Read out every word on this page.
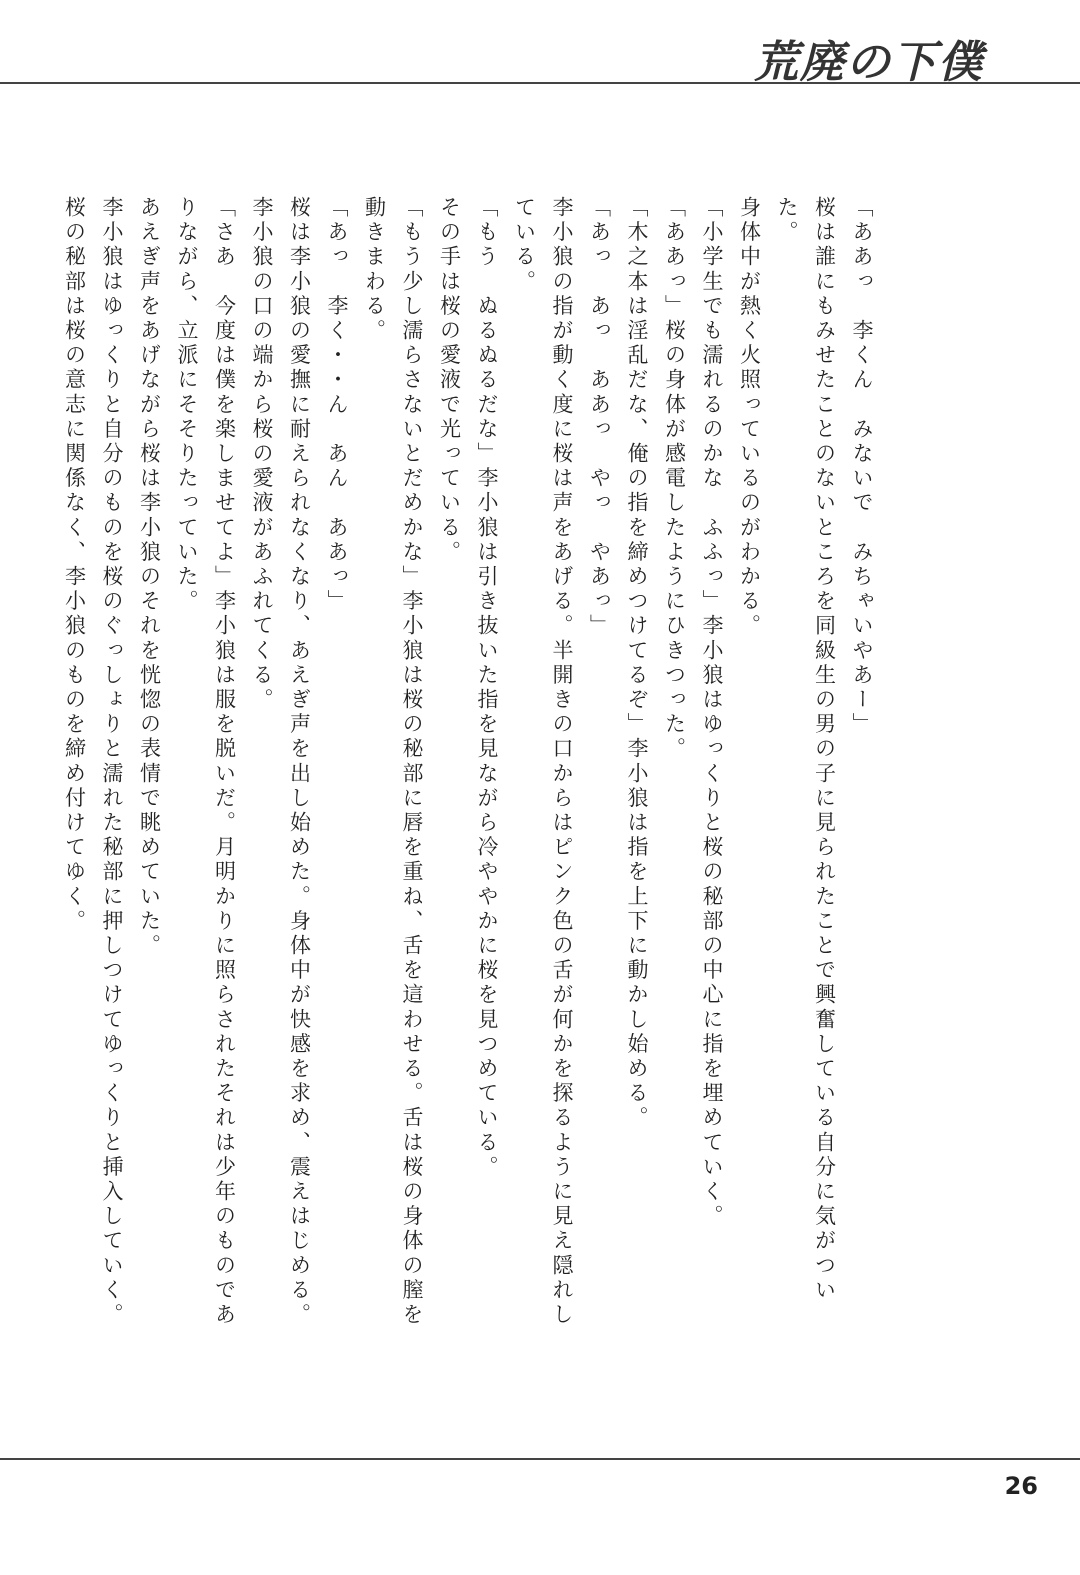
荒廃の下僕

「ああっ　李くん　みないで　みちゃいやあー」

桜は誰にもみせたことのないところを同級生の男の子に見られたことで興奮している自分に気がついた。

身体中が熱く火照っているのがわかる。

「小学生でも濡れるのかな　ふふっ」李小狼はゆっくりと桜の秘部の中心に指を埋めていく。

「ああっ」桜の身体が感電したようにひきつった。

「木之本は淫乱だな、俺の指を締めつけてるぞ」李小狼は指を上下に動かし始める。

「あっ　あっ　ああっ　やっ　やあっ」

李小狼の指が動く度に桜は声をあげる。半開きの口からはピンク色の舌が何かを探るように見え隠れしている。

「もう　ぬるぬるだな」李小狼は引き抜いた指を見ながら冷ややかに桜を見つめている。

その手は桜の愛液で光っている。

「もう少し濡らさないとだめかな」李小狼は桜の秘部に唇を重ね、舌を這わせる。舌は桜の身体の膣を動きまわる。

「あっ　李く・・ん　あん　ああっ」

桜は李小狼の愛撫に耐えられなくなり、あえぎ声を出し始めた。身体中が快感を求め、震えはじめる。

李小狼の口の端から桜の愛液があふれてくる。

「さあ　今度は僕を楽しませてよ」李小狼は服を脱いだ。月明かりに照らされたそれは少年のものでありながら、立派にそそりたっていた。

あえぎ声をあげながら桜は李小狼のそれを恍惚の表情で眺めていた。

李小狼はゆっくりと自分のものを桜のぐっしょりと濡れた秘部に押しつけてゆっくりと挿入していく。

桜の秘部は桜の意志に関係なく、李小狼のものを締め付けてゆく。

26
